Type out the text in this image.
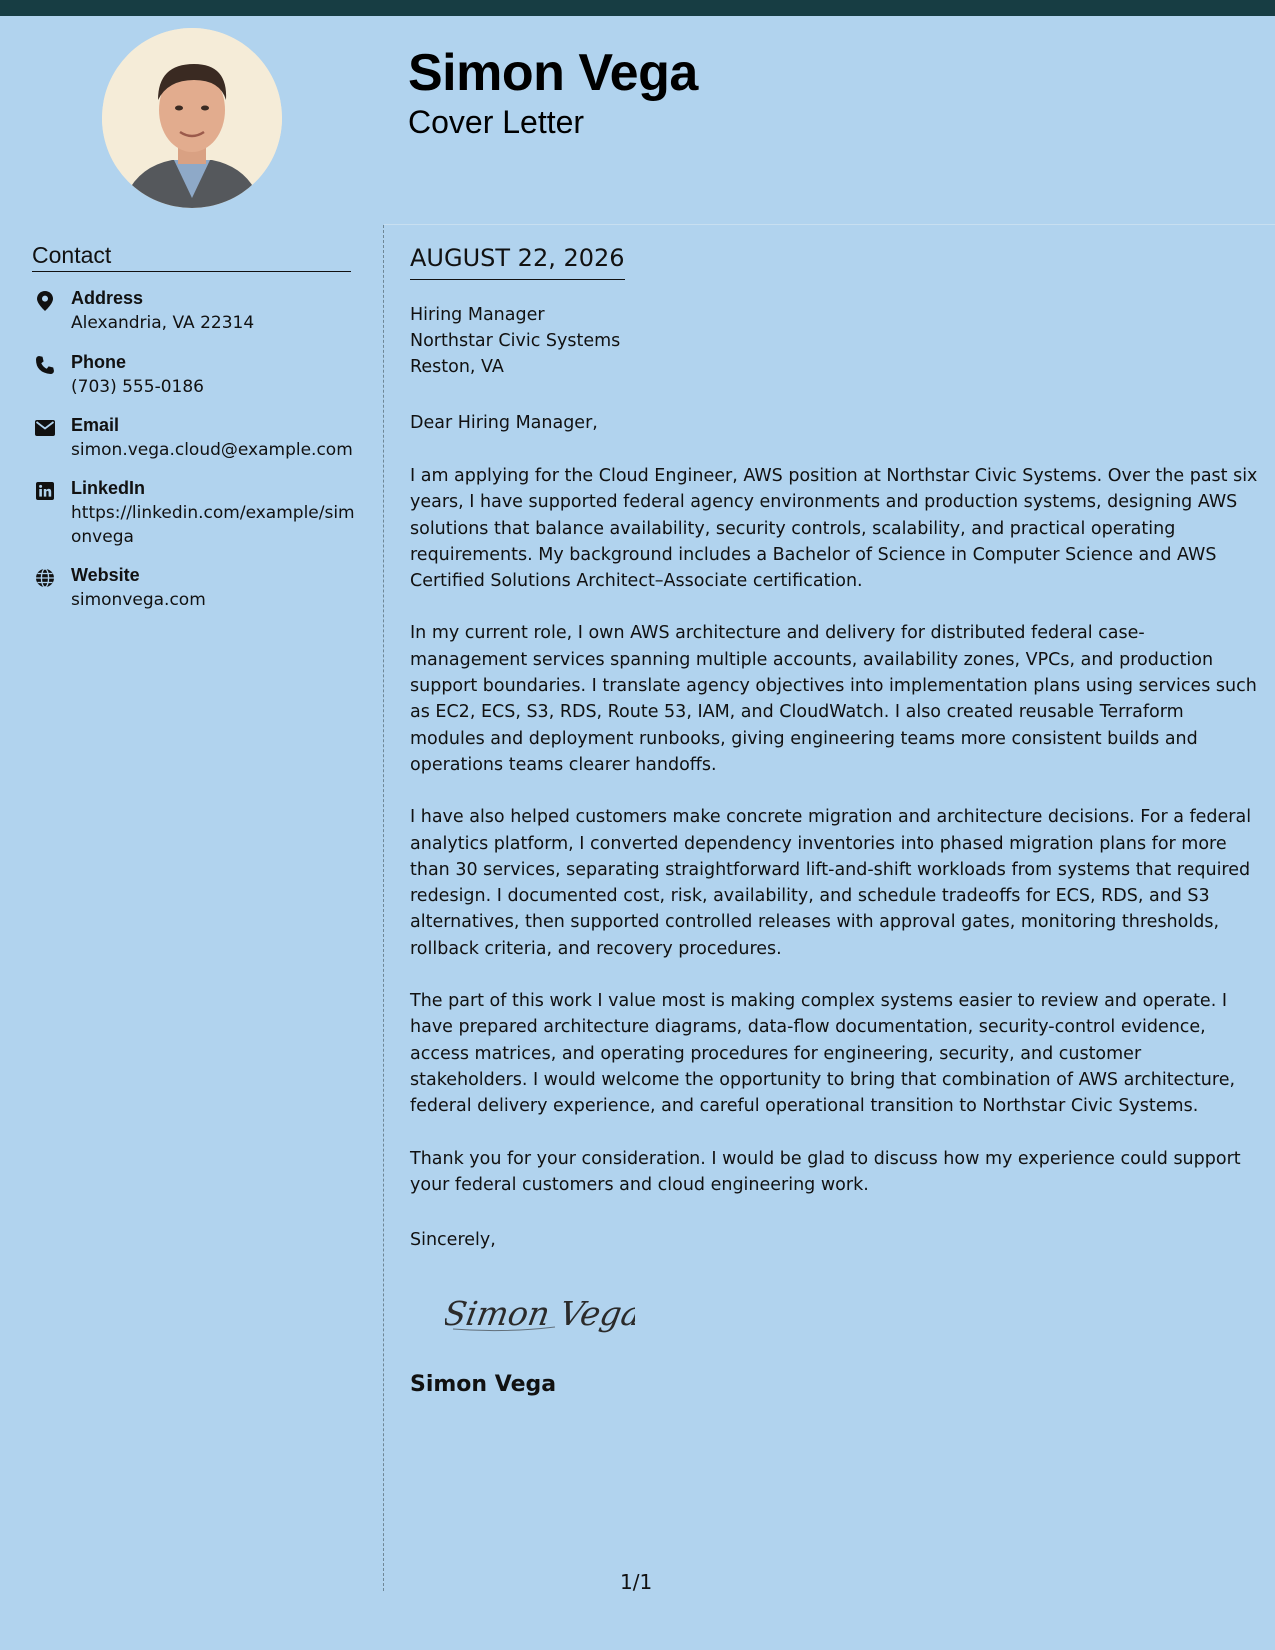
Simon Vega
Cover Letter
Contact
Address
Alexandria, VA 22314
Phone
(703) 555-0186
Email
simon.vega.cloud@example.com
LinkedIn
https://linkedin.com/example/simonvega
Website
simonvega.com
AUGUST 22, 2026
Hiring Manager
Northstar Civic Systems
Reston, VA
Dear Hiring Manager,

I am applying for the Cloud Engineer, AWS position at Northstar Civic Systems. Over the past six years, I have supported federal agency environments and production systems, designing AWS solutions that balance availability, security controls, scalability, and practical operating requirements. My background includes a Bachelor of Science in Computer Science and AWS Certified Solutions Architect–Associate certification.

In my current role, I own AWS architecture and delivery for distributed federal case-management services spanning multiple accounts, availability zones, VPCs, and production support boundaries. I translate agency objectives into implementation plans using services such as EC2, ECS, S3, RDS, Route 53, IAM, and CloudWatch. I also created reusable Terraform modules and deployment runbooks, giving engineering teams more consistent builds and operations teams clearer handoffs.

I have also helped customers make concrete migration and architecture decisions. For a federal analytics platform, I converted dependency inventories into phased migration plans for more than 30 services, separating straightforward lift-and-shift workloads from systems that required redesign. I documented cost, risk, availability, and schedule tradeoffs for ECS, RDS, and S3 alternatives, then supported controlled releases with approval gates, monitoring thresholds, rollback criteria, and recovery procedures.

The part of this work I value most is making complex systems easier to review and operate. I have prepared architecture diagrams, data-flow documentation, security-control evidence, access matrices, and operating procedures for engineering, security, and customer stakeholders. I would welcome the opportunity to bring that combination of AWS architecture, federal delivery experience, and careful operational transition to Northstar Civic Systems.

Thank you for your consideration. I would be glad to discuss how my experience could support your federal customers and cloud engineering work.

Sincerely,
Simon Vega
Simon Vega
1/1
